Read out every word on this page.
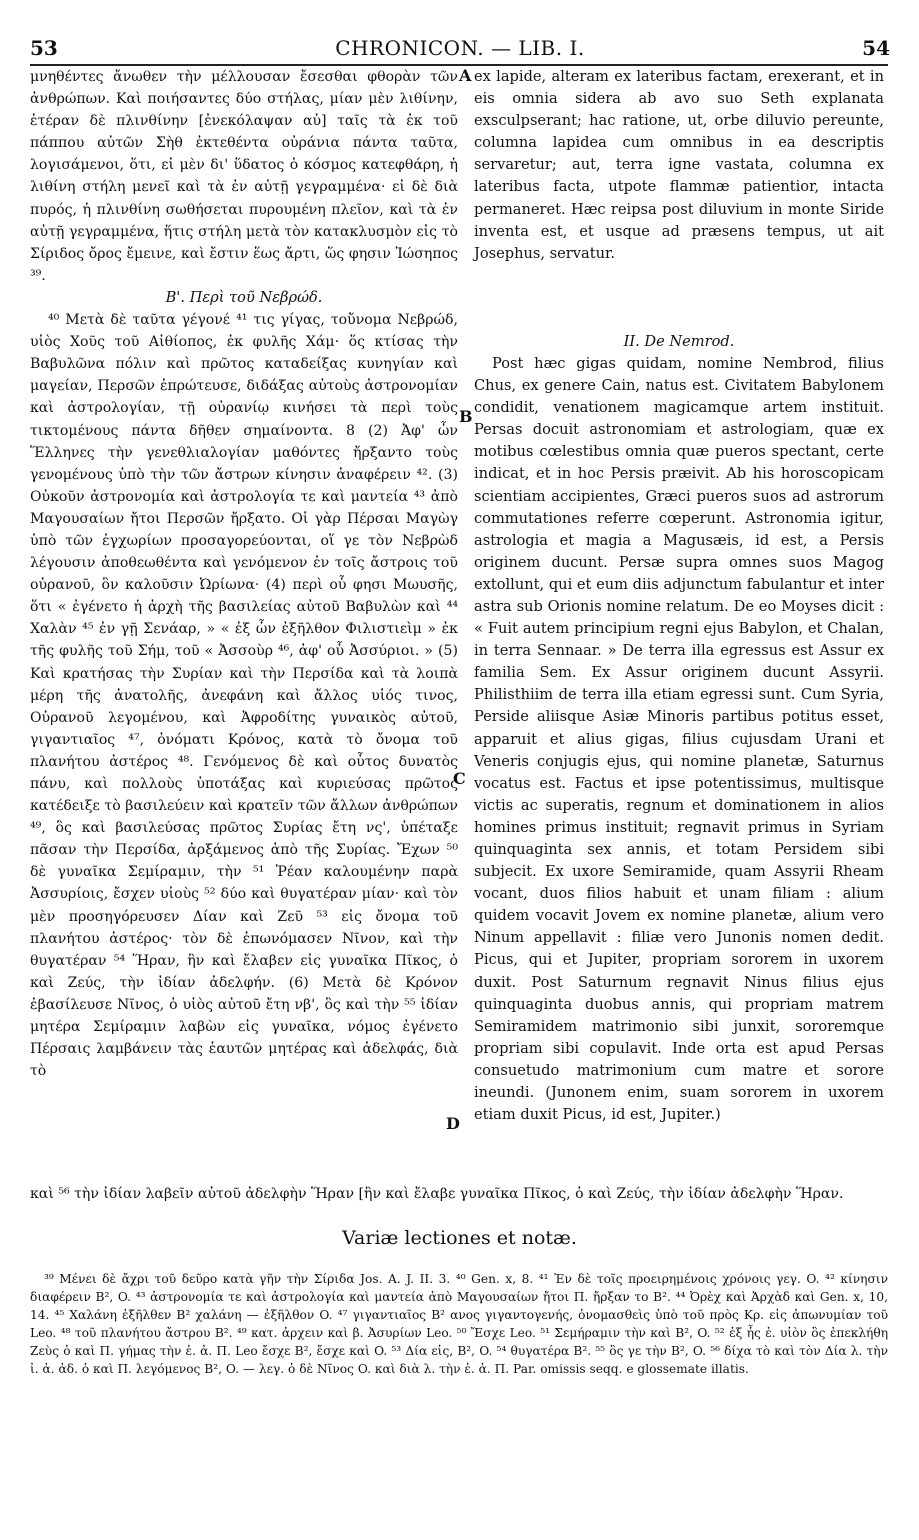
53	CHRONICON. — LIB. I.	54

μνηθέντες ἄνωθεν τὴν μέλλουσαν ἔσεσθαι φθορὰν τῶν ἀνθρώπων. Καὶ ποιήσαντες δύο στήλας, μίαν μὲν λιθίνην, ἑτέραν δὲ πλινθίνην [ἐνεκόλαψαν αὐ] ταῖς τὰ ἐκ τοῦ πάππου αὐτῶν Σὴθ ἐκτεθέντα οὐράνια πάντα ταῦτα, λογισάμενοι, ὅτι, εἰ μὲν δι' ὕδατος ὁ κόσμος κατεφθάρη, ἡ λιθίνη στήλη μενεῖ καὶ τὰ ἐν αὐτῇ γεγραμμένα· εἰ δὲ διὰ πυρός, ἡ πλινθίνη σωθήσεται πυρουμένη πλεῖον, καὶ τὰ ἐν αὐτῇ γεγραμμένα, ἥτις στήλη μετὰ τὸν κατακλυσμὸν εἰς τὸ Σίριδος ὄρος ἔμεινε, καὶ ἔστιν ἕως ἄρτι, ὥς φησιν Ἰώσηπος ³⁹.

Β'. Περὶ τοῦ Νεβρώδ.

⁴⁰ Μετὰ δὲ ταῦτα γέγονέ ⁴¹ τις γίγας, τοὔνομα Νεβρώδ, υἱὸς Χοῦς τοῦ Αἰθίοπος, ἐκ φυλῆς Χάμ· ὅς κτίσας τὴν Βαβυλῶνα πόλιν καὶ πρῶτος καταδείξας κυνηγίαν καὶ μαγείαν, Περσῶν ἐπρώτευσε, διδάξας αὐτοὺς ἀστρονομίαν καὶ ἀστρολογίαν, τῇ οὐρανίῳ κινήσει τὰ περὶ τοὺς τικτομένους πάντα δῆθεν σημαίνοντα. 8 (2) Ἀφ' ὧν Ἕλληνες τὴν γενεθλιαλογίαν μαθόντες ἤρξαντο τοὺς γενομένους ὑπὸ τὴν τῶν ἄστρων κίνησιν ἀναφέρειν ⁴². (3) Οὐκοῦν ἀστρονομία καὶ ἀστρολογία τε καὶ μαντεία ⁴³ ἀπὸ Μαγουσαίων ἤτοι Περσῶν ἤρξατο. Οἱ γὰρ Πέρσαι Μαγὼγ ὑπὸ τῶν ἐγχωρίων προσαγορεύονται, οἵ γε τὸν Νεβρὼδ λέγουσιν ἀποθεωθέντα καὶ γενόμενον ἐν τοῖς ἄστροις τοῦ οὐρανοῦ, ὃν καλοῦσιν Ὠρίωνα· (4) περὶ οὗ φησι Μωυσῆς, ὅτι « ἐγένετο ἡ ἀρχὴ τῆς βασιλείας αὐτοῦ Βαβυλὼν καὶ ⁴⁴ Χαλὰν ⁴⁵ ἐν γῇ Σενάαρ, » « ἐξ ὧν ἐξῆλθον Φιλιστιεὶμ » ἐκ τῆς φυλῆς τοῦ Σήμ, τοῦ « Ἀσσοὺρ ⁴⁶, ἀφ' οὗ Ἀσσύριοι. » (5) Καὶ κρατήσας τὴν Συρίαν καὶ τὴν Περσίδα καὶ τὰ λοιπὰ μέρη τῆς ἀνατολῆς, ἀνεφάνη καὶ ἄλλος υἱός τινος, Οὐρανοῦ λεγομένου, καὶ Ἀφροδίτης γυναικὸς αὐτοῦ, γιγαντιαῖος ⁴⁷, ὀνόματι Κρόνος, κατὰ τὸ ὄνομα τοῦ πλανήτου ἀστέρος ⁴⁸. Γενόμενος δὲ καὶ οὗτος δυνατὸς πάνυ, καὶ πολλοὺς ὑποτάξας καὶ κυριεύσας πρῶτος κατέδειξε τὸ βασιλεύειν καὶ κρατεῖν τῶν ἄλλων ἀνθρώπων ⁴⁹, ὃς καὶ βασιλεύσας πρῶτος Συρίας ἔτη νς', ὑπέταξε πᾶσαν τὴν Περσίδα, ἀρξάμενος ἀπὸ τῆς Συρίας. Ἔχων ⁵⁰ δὲ γυναῖκα Σεμίραμιν, τὴν ⁵¹ Ῥέαν καλουμένην παρὰ Ἀσσυρίοις, ἔσχεν υἱοὺς ⁵² δύο καὶ θυγατέραν μίαν· καὶ τὸν μὲν προσηγόρευσεν Δίαν καὶ Ζεῦ ⁵³ εἰς ὄνομα τοῦ πλανήτου ἀστέρος· τὸν δὲ ἐπωνόμασεν Νῖνον, καὶ τὴν θυγατέραν ⁵⁴ Ἥραν, ἣν καὶ ἔλαβεν εἰς γυναῖκα Πῖκος, ὁ καὶ Ζεύς, τὴν ἰδίαν ἀδελφήν. (6) Μετὰ δὲ Κρόνον ἐβασίλευσε Νῖνος, ὁ υἱὸς αὐτοῦ ἔτη νβ', ὃς καὶ τὴν ⁵⁵ ἰδίαν μητέρα Σεμίραμιν λαβὼν εἰς γυναῖκα, νόμος ἐγένετο Πέρσαις λαμβάνειν τὰς ἑαυτῶν μητέρας καὶ ἀδελφάς, διὰ τὸ

A
B
C
D

ex lapide, alteram ex lateribus factam, erexerant, et in eis omnia sidera ab avo suo Seth explanata exsculpserant; hac ratione, ut, orbe diluvio pereunte, columna lapidea cum omnibus in ea descriptis servaretur; aut, terra igne vastata, columna ex lateribus facta, utpote flammæ patientior, intacta permaneret. Hæc reipsa post diluvium in monte Siride inventa est, et usque ad præsens tempus, ut ait Josephus, servatur.

II. De Nemrod.

Post hæc gigas quidam, nomine Nembrod, filius Chus, ex genere Cain, natus est. Civitatem Babylonem condidit, venationem magicamque artem instituit. Persas docuit astronomiam et astrologiam, quæ ex motibus cœlestibus omnia quæ pueros spectant, certe indicat, et in hoc Persis præivit. Ab his horoscopicam scientiam accipientes, Græci pueros suos ad astrorum commutationes referre cœperunt. Astronomia igitur, astrologia et magia a Magusæis, id est, a Persis originem ducunt. Persæ supra omnes suos Magog extollunt, qui et eum diis adjunctum fabulantur et inter astra sub Orionis nomine relatum. De eo Moyses dicit : « Fuit autem principium regni ejus Babylon, et Chalan, in terra Sennaar. » De terra illa egressus est Assur ex familia Sem. Ex Assur originem ducunt Assyrii. Philisthiim de terra illa etiam egressi sunt. Cum Syria, Perside aliisque Asiæ Minoris partibus potitus esset, apparuit et alius gigas, filius cujusdam Urani et Veneris conjugis ejus, qui nomine planetæ, Saturnus vocatus est. Factus et ipse potentissimus, multisque victis ac superatis, regnum et dominationem in alios homines primus instituit; regnavit primus in Syriam quinquaginta sex annis, et totam Persidem sibi subjecit. Ex uxore Semiramide, quam Assyrii Rheam vocant, duos filios habuit et unam filiam : alium quidem vocavit Jovem ex nomine planetæ, alium vero Ninum appellavit : filiæ vero Junonis nomen dedit. Picus, qui et Jupiter, propriam sororem in uxorem duxit. Post Saturnum regnavit Ninus filius ejus quinquaginta duobus annis, qui propriam matrem Semiramidem matrimonio sibi junxit, sororemque propriam sibi copulavit. Inde orta est apud Persas consuetudo matrimonium cum matre et sorore ineundi. (Junonem enim, suam sororem in uxorem etiam duxit Picus, id est, Jupiter.)

καὶ ⁵⁶ τὴν ἰδίαν λαβεῖν αὐτοῦ ἀδελφὴν Ἥραν [ἣν καὶ ἔλαβε γυναῖκα Πῖκος, ὁ καὶ Ζεύς, τὴν ἰδίαν ἀδελφὴν Ἥραν.

Variæ lectiones et notæ.

³⁹ Μένει δὲ ἄχρι τοῦ δεῦρο κατὰ γῆν τὴν Σίριδα Jos. A. J. II. 3. ⁴⁰ Gen. x, 8. ⁴¹ Ἐν δὲ τοῖς προειρημένοις χρόνοις γεγ. O. ⁴² κίνησιν διαφέρειν B², O. ⁴³ ἀστρονομία τε καὶ ἀστρολογία καὶ μαντεία ἀπὸ Μαγουσαίων ἤτοι Π. ἤρξαν το B². ⁴⁴ Ὀρὲχ καὶ Ἀρχὰδ καὶ Gen. x, 10, 14. ⁴⁵ Χαλάνη ἐξῆλθεν B² χαλάνη — ἐξῆλθον O. ⁴⁷ γιγαντιαῖος B² ανος γιγαντογενής, ὀνομασθεὶς ὑπὸ τοῦ πρὸς Κρ. εἰς ἀπωνυμίαν τοῦ Leo. ⁴⁸ τοῦ πλανήτου ἄστρου B². ⁴⁹ κατ. ἀρχειν καὶ β. Ἀσυρίων Leo. ⁵⁰ Ἔσχε Leo. ⁵¹ Σεμήραμιν τὴν καὶ B², O. ⁵² ἐξ ἧς ἐ. υἱὸν ὃς ἐπεκλήθη Ζεὺς ὁ καὶ Π. γήμας τὴν ἐ. ἀ. Π. Leo ἔσχε B², ἔσχε καὶ O. ⁵³ Δία εἰς, B², O. ⁵⁴ θυγατέρα B². ⁵⁵ ὃς γε τὴν B², O. ⁵⁶ δίχα τὸ καὶ τὸν Δία λ. τὴν ἰ. ἀ. ἀδ. ὁ καὶ Π. λεγόμενος B², O. — λεγ. ὁ δὲ Νῖνος O. καὶ διὰ λ. τὴν ἐ. ἀ. Π. Par. omissis seqq. e glossemate illatis.
